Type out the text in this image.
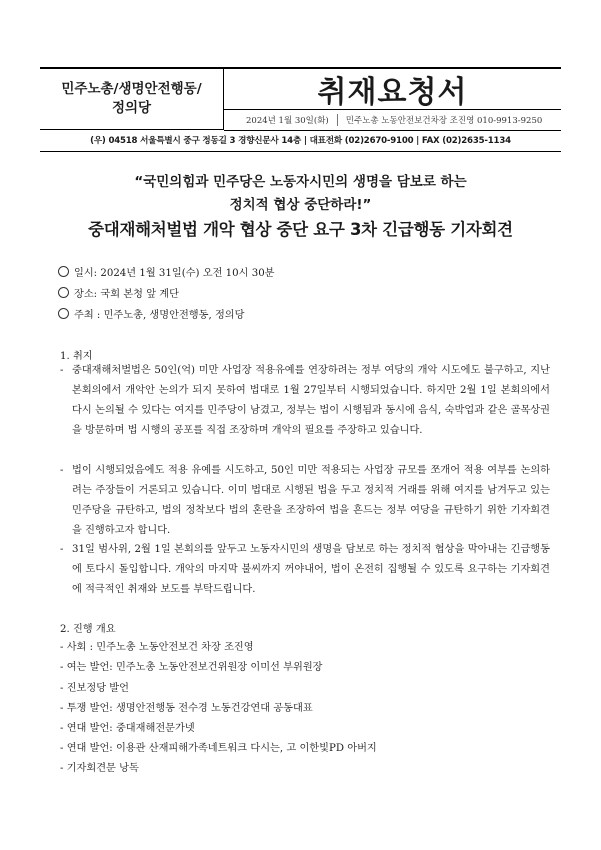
민주노총/생명안전행동/
정의당	취재요청서
2024년 1월 30일(화)	민주노총 노동안전보건차장 조진영 010-9913-9250
(우) 04518 서울특별시 중구 정동길 3 경향신문사 14층 | 대표전화 (02)2670-9100 | FAX (02)2635-1134
“국민의힘과 민주당은 노동자시민의 생명을 담보로 하는
정치적 협상 중단하라!”
중대재해처벌법 개악 협상 중단 요구 3차 긴급행동 기자회견
일시: 2024년 1월 31일(수) 오전 10시 30분
장소: 국회 본청 앞 계단
주최 : 민주노총, 생명안전행동, 정의당
1. 취지
- 중대재해처벌법은 50인(억) 미만 사업장 적용유예를 연장하려는 정부 여당의 개악 시도에도 불구하고, 지난 본회의에서 개악안 논의가 되지 못하여 법대로 1월 27일부터 시행되었습니다. 하지만 2월 1일 본회의에서 다시 논의될 수 있다는 여지를 민주당이 남겼고, 정부는 법이 시행됨과 동시에 음식, 숙박업과 같은 골목상권을 방문하며 법 시행의 공포를 직접 조장하며 개악의 필요를 주장하고 있습니다.
- 법이 시행되었음에도 적용 유예를 시도하고, 50인 미만 적용되는 사업장 규모를 쪼개어 적용 여부를 논의하려는 주장들이 거론되고 있습니다. 이미 법대로 시행된 법을 두고 정치적 거래를 위해 여지를 남겨두고 있는 민주당을 규탄하고, 법의 정착보다 법의 혼란을 조장하여 법을 흔드는 정부 여당을 규탄하기 위한 기자회견을 진행하고자 합니다.
- 31일 범사위, 2월 1일 본회의를 앞두고 노동자시민의 생명을 담보로 하는 정치적 협상을 막아내는 긴급행동에 토다시 돌입합니다. 개악의 마지막 불씨까지 꺼야내어, 법이 온전히 집행될 수 있도록 요구하는 기자회견에 적극적인 취재와 보도를 부탁드립니다.
2. 진행 개요
- 사회 : 민주노총 노동안전보건 차장 조진영
- 여는 발언: 민주노총 노동안전보건위원장 이미선 부위원장
- 진보정당 발언
- 투쟁 발언: 생명안전행동 전수경 노동건강연대 공동대표
- 연대 발언: 중대재해전문가넷
- 연대 발언: 이용관 산재피해가족네트워크 다시는, 고 이한빛PD 아버지
- 기자회견문 낭독
